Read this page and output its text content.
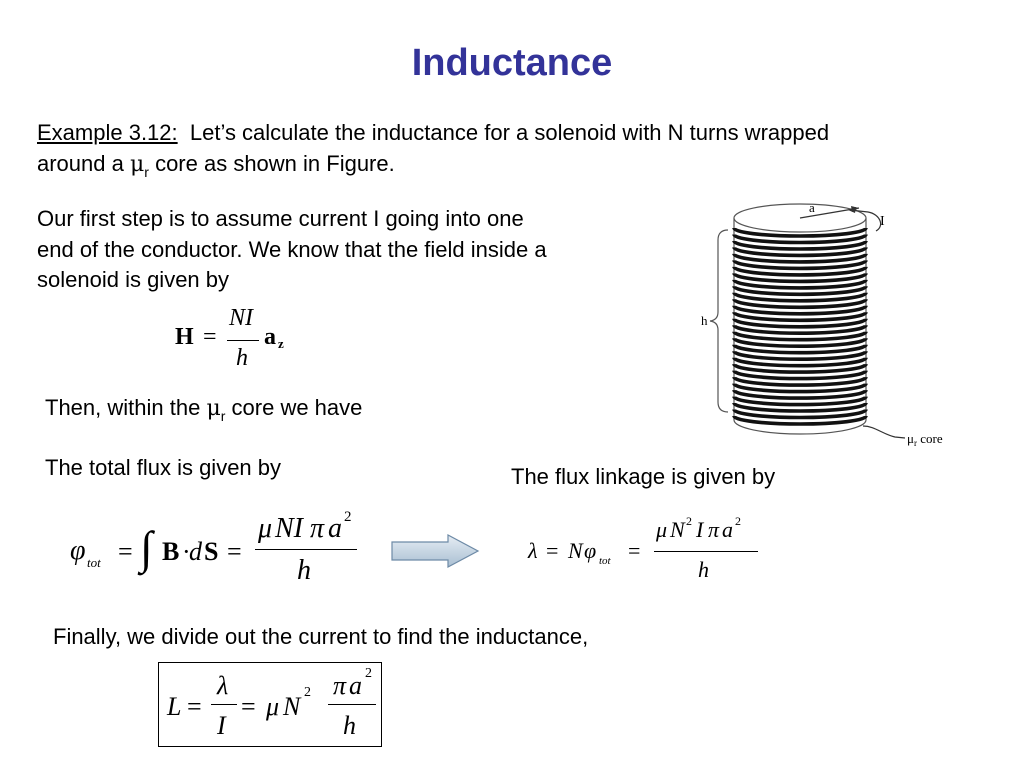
Inductance
Example 3.12: Let’s calculate the inductance for a solenoid with N turns wrapped
around a $\mu_r$ core as shown in Figure.
Our first step is to assume current I going into one
end of the conductor. We know that the field inside a
solenoid is given by
H =
NI
h
a z
Then, within the $\mu_r$ core we have
The total flux is given by	The flux linkage is given by
φ tot = ∫ B ·
d S =
μ NI π a 2
h
λ = N φ tot =
μ N 2 I π a 2
h
Finally, we divide out the current to find the inductance,
L =
λ
I
= μ N 2 π a 2
h
a
I
h
$\mu_r$ core
